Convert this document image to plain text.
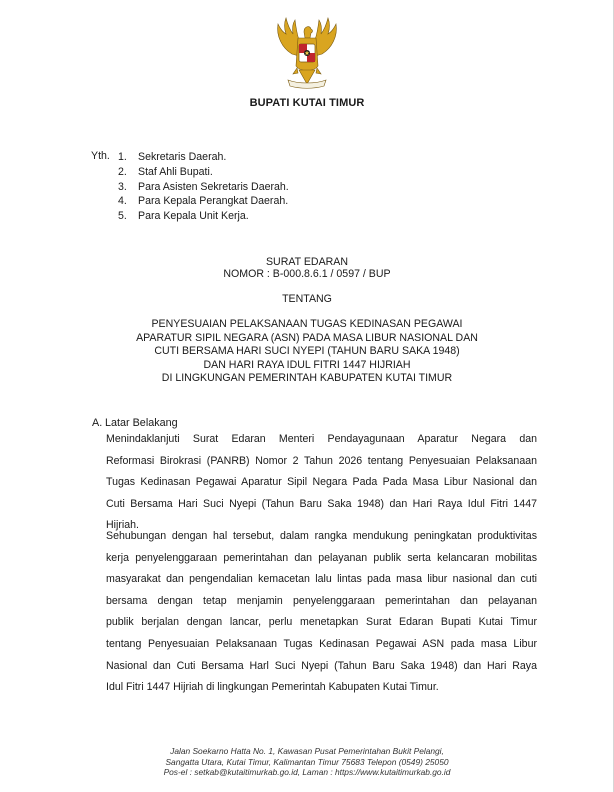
BUPATI KUTAI TIMUR
Yth. 1. Sekretaris Daerah.
2. Staf Ahli Bupati.
3. Para Asisten Sekretaris Daerah.
4. Para Kepala Perangkat Daerah.
5. Para Kepala Unit Kerja.
SURAT EDARAN
NOMOR : B-000.8.6.1 / 0597 / BUP
TENTANG
PENYESUAIAN PELAKSANAAN TUGAS KEDINASAN PEGAWAI
APARATUR SIPIL NEGARA (ASN) PADA MASA LIBUR NASIONAL DAN
CUTI BERSAMA HARI SUCI NYEPI (TAHUN BARU SAKA 1948)
DAN HARI RAYA IDUL FITRI 1447 HIJRIAH
DI LINGKUNGAN PEMERINTAH KABUPATEN KUTAI TIMUR
A. Latar Belakang
Menindaklanjuti Surat Edaran Menteri Pendayagunaan Aparatur Negara dan
Reformasi Birokrasi (PANRB) Nomor 2 Tahun 2026 tentang Penyesuaian Pelaksanaan
Tugas Kedinasan Pegawai Aparatur Sipil Negara Pada Pada Masa Libur Nasional dan
Cuti Bersama Hari Suci Nyepi (Tahun Baru Saka 1948) dan Hari Raya Idul Fitri 1447
Hijriah.
Sehubungan dengan hal tersebut, dalam rangka mendukung peningkatan produktivitas
kerja penyelenggaraan pemerintahan dan pelayanan publik serta kelancaran mobilitas
masyarakat dan pengendalian kemacetan lalu lintas pada masa libur nasional dan cuti
bersama dengan tetap menjamin penyelenggaraan pemerintahan dan pelayanan
publik berjalan dengan lancar, perlu menetapkan Surat Edaran Bupati Kutai Timur
tentang Penyesuaian Pelaksanaan Tugas Kedinasan Pegawai ASN pada masa Libur
Nasional dan Cuti Bersama Harl Suci Nyepi (Tahun Baru Saka 1948) dan Hari Raya
Idul Fitri 1447 Hijriah di lingkungan Pemerintah Kabupaten Kutai Timur.
Jalan Soekarno Hatta No. 1, Kawasan Pusat Pemerintahan Bukit Pelangi,
Sangatta Utara, Kutai Timur, Kalimantan Timur 75683 Telepon (0549) 25050
Pos-el : setkab@kutaitimurkab.go.id, Laman : https://www.kutaitimurkab.go.id
